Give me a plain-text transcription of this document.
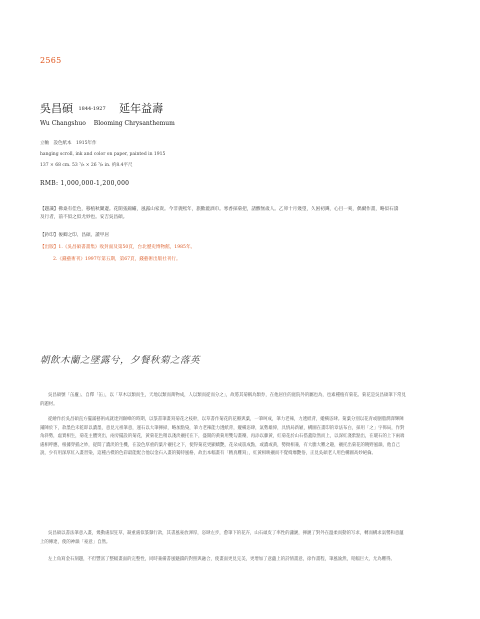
2565
吳昌碩 1844-1927 延年益壽
Wu Changshuo Blooming Chrysanthemum
立軸　設色紙本　1915年作
hanging scroll, ink and color on paper, painted in 1915
137 × 68 cm. 53 ⁷/₈ × 26 ⁷/₈ in. 約8.4平尺
RMB: 1,000,000-1,200,000
【題識】佛桑有佳色，移植秋闌邊。花開張錦繡，風露山家貴。今非義熙年，旅歡漉酒巾。寒香採菊把，諸醪無歲人。乙卯十月幾望，久困初霽，心目一爽，偶爾作畫，略似石濤及行者，前不似之似尤妙也。安吉吳昌碩。
【鈐印】俊卿之印、昌碩、讀甲居
【出版】1.《吳昌碩書畫集》收封面及第50頁，台北歷史博物館，1985年。
2.《錢藝術刊》1997年第五期，第67頁，錢藝術出版社刊行。
朝飲木蘭之墜露兮，夕餐秋菊之落英
吳昌碩號「缶廬」、自釋「缶」，以「草木以類而生，天地以類而萬物成，人以類而從而分之」，故將其菊稱為類券，在他居住的庭院外的屬也為，也素種植有菊花。菊花是吳昌碩筆下常見的題材。
從繪作於吳昌碩直方擺滿藝術成就達到巔峰的時期，以篆書筆畫寫菊花之枝幹，以草書作菊花的花瓣與葉，一筆呵成，筆力老辣，力透紙背，縱橫恣肆。菊葉分別以花青或胭脂潤澤輝陳鋪陳於下，款墨色未乾即以濃墨，意見元祖筆意，運石以大筆揮掃，略加點染，筆力老辣能力透紙背，縱橫恣肆，氣勢雄偉，具情局新穎，構圖在畫印的章法布白，採用「之」字佈局，作對角斜勢，虛實相生，菊花主體突出，兩旁擺設的菊花，黃菊花色稍以淺淡襯托在下，盛開的黃菊用雙勾畫瓣，再添以藤黃，紅菊花於山石搭蓋陰然而上，以深紅淺紫點出，在暖石的上下兩端處相呼應，根據穿插之妙，從間了濃淡的生機，在設色厚重的葉片襯托之下，使得菊花更顯嬌艷，花朵成簇成點，或濃或黃，勢拗相兼，有大膽大難之趣，襯托出菊花的饒野風韻，他自己說，少有用深厚紅入畫習染，這種古樸的色彩最能配合他以金石入畫的獨特風格，故出本幅畫有「精真難寫」，紅黃相映襯而不覺綺靡艷俗，正見吳碩老人用色構圖高妙絕倫。
吳昌碩以書法筆意入畫，幾動處似狂草，凝重處似篆隸行款，其書風豪放渾厚，恣肆左步，愈筆下的花卉，山石頑皮了率性的瀟灑，揮灑了對外在溫柔而動的写求，轉而構求氣勢和意蘊上的傳達，使的神韻「豪意」自然。
左上角寫金石刻題，不但豐富了整幅畫面的完整性，同時兼備書風魅鑄的對照與融合，使畫面更見完美，更增加了意蘊上的詩情畫意，徐作畫程，筆風渝然，咫幅巨大，尤為難得。
